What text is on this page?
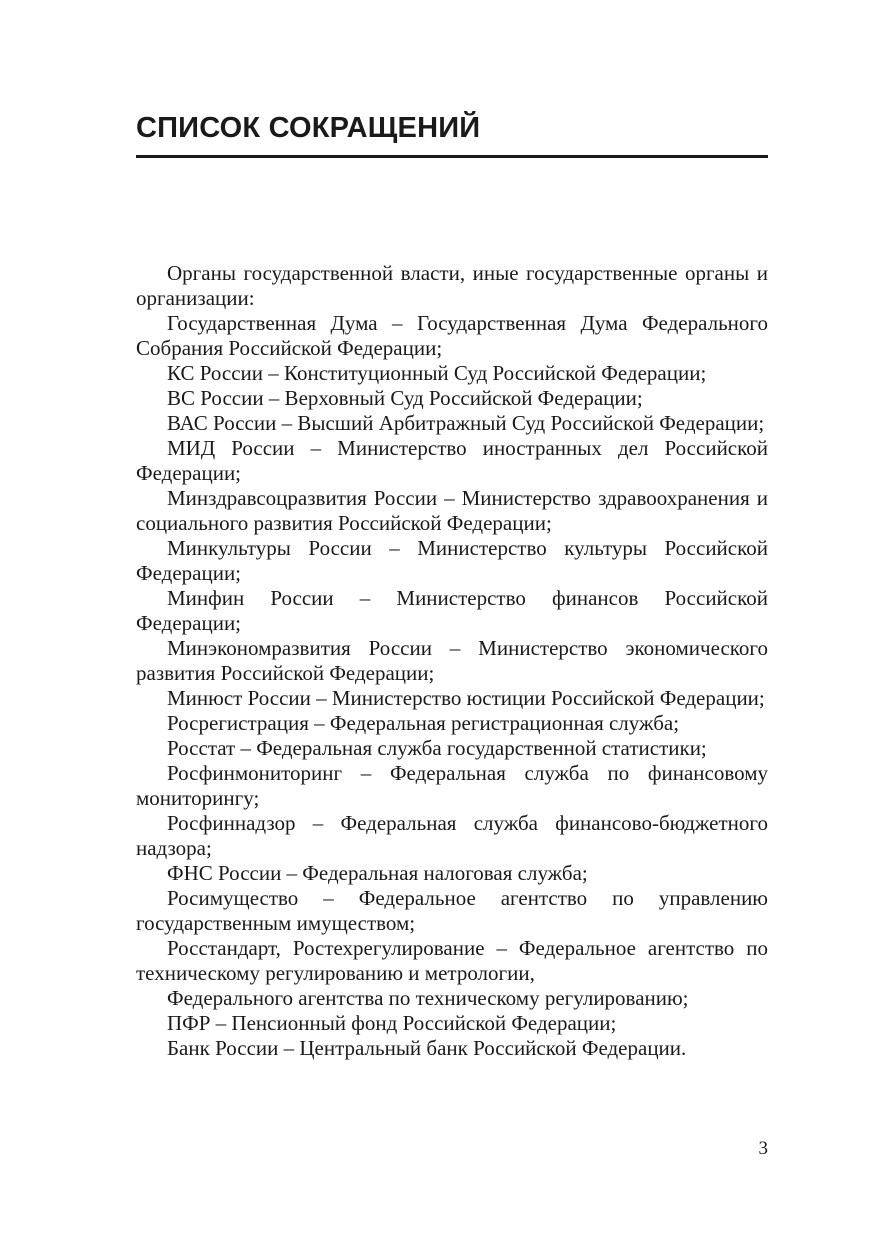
СПИСОК СОКРАЩЕНИЙ

Органы государственной власти, иные государственные органы и организации:

Государственная Дума – Государственная Дума Федерального Собрания Российской Федерации;

КС России – Конституционный Суд Российской Федерации;

ВС России – Верховный Суд Российской Федерации;

ВАС России – Высший Арбитражный Суд Российской Федерации;

МИД России – Министерство иностранных дел Российской Федерации;

Минздравсоцразвития России – Министерство здравоохранения и социального развития Российской Федерации;

Минкультуры России – Министерство культуры Российской Федерации;

Минфин России – Министерство финансов Российской Федерации;

Минэкономразвития России – Министерство экономического развития Российской Федерации;

Минюст России – Министерство юстиции Российской Федерации;

Росрегистрация – Федеральная регистрационная служба;

Росстат – Федеральная служба государственной статистики;

Росфинмониторинг – Федеральная служба по финансовому мониторингу;

Росфиннадзор – Федеральная служба финансово-бюджетного надзора;

ФНС России – Федеральная налоговая служба;

Росимущество – Федеральное агентство по управлению государственным имуществом;

Росстандарт, Ростехрегулирование – Федеральное агентство по техническому регулированию и метрологии,

Федерального агентства по техническому регулированию;

ПФР – Пенсионный фонд Российской Федерации;

Банк России – Центральный банк Российской Федерации.

3
